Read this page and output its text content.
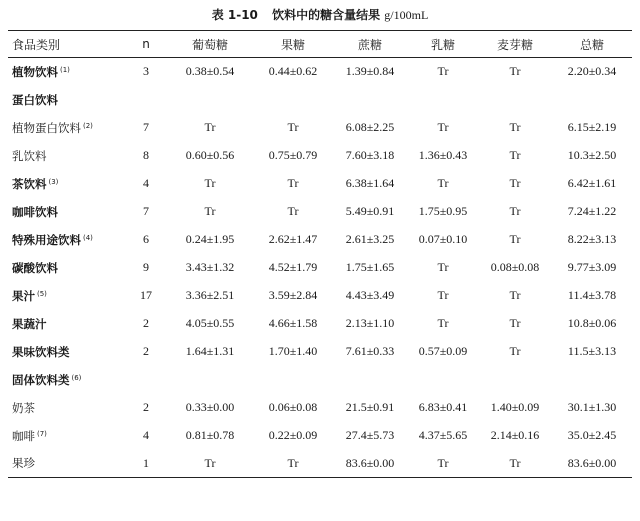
表 1-10 饮料中的糖含量结果 g/100mL
食品类别	n	葡萄糖	果糖	蔗糖	乳糖	麦芽糖	总糖
植物饮料 $^{(1)}$	3	0.38±0.54	0.44±0.62	1.39±0.84	Tr	Tr	2.20±0.34
蛋白饮料							
植物蛋白饮料 $^{(2)}$	7	Tr	Tr	6.08±2.25	Tr	Tr	6.15±2.19
乳饮料	8	0.60±0.56	0.75±0.79	7.60±3.18	1.36±0.43	Tr	10.3±2.50
茶饮料 $^{(3)}$	4	Tr	Tr	6.38±1.64	Tr	Tr	6.42±1.61
咖啡饮料	7	Tr	Tr	5.49±0.91	1.75±0.95	Tr	7.24±1.22
特殊用途饮料 $^{(4)}$	6	0.24±1.95	2.62±1.47	2.61±3.25	0.07±0.10	Tr	8.22±3.13
碳酸饮料	9	3.43±1.32	4.52±1.79	1.75±1.65	Tr	0.08±0.08	9.77±3.09
果汁 $^{(5)}$	17	3.36±2.51	3.59±2.84	4.43±3.49	Tr	Tr	11.4±3.78
果蔬汁	2	4.05±0.55	4.66±1.58	2.13±1.10	Tr	Tr	10.8±0.06
果味饮料类	2	1.64±1.31	1.70±1.40	7.61±0.33	0.57±0.09	Tr	11.5±3.13
固体饮料类 $^{(6)}$							
奶茶	2	0.33±0.00	0.06±0.08	21.5±0.91	6.83±0.41	1.40±0.09	30.1±1.30
咖啡 $^{(7)}$	4	0.81±0.78	0.22±0.09	27.4±5.73	4.37±5.65	2.14±0.16	35.0±2.45
果珍	1	Tr	Tr	83.6±0.00	Tr	Tr	83.6±0.00
